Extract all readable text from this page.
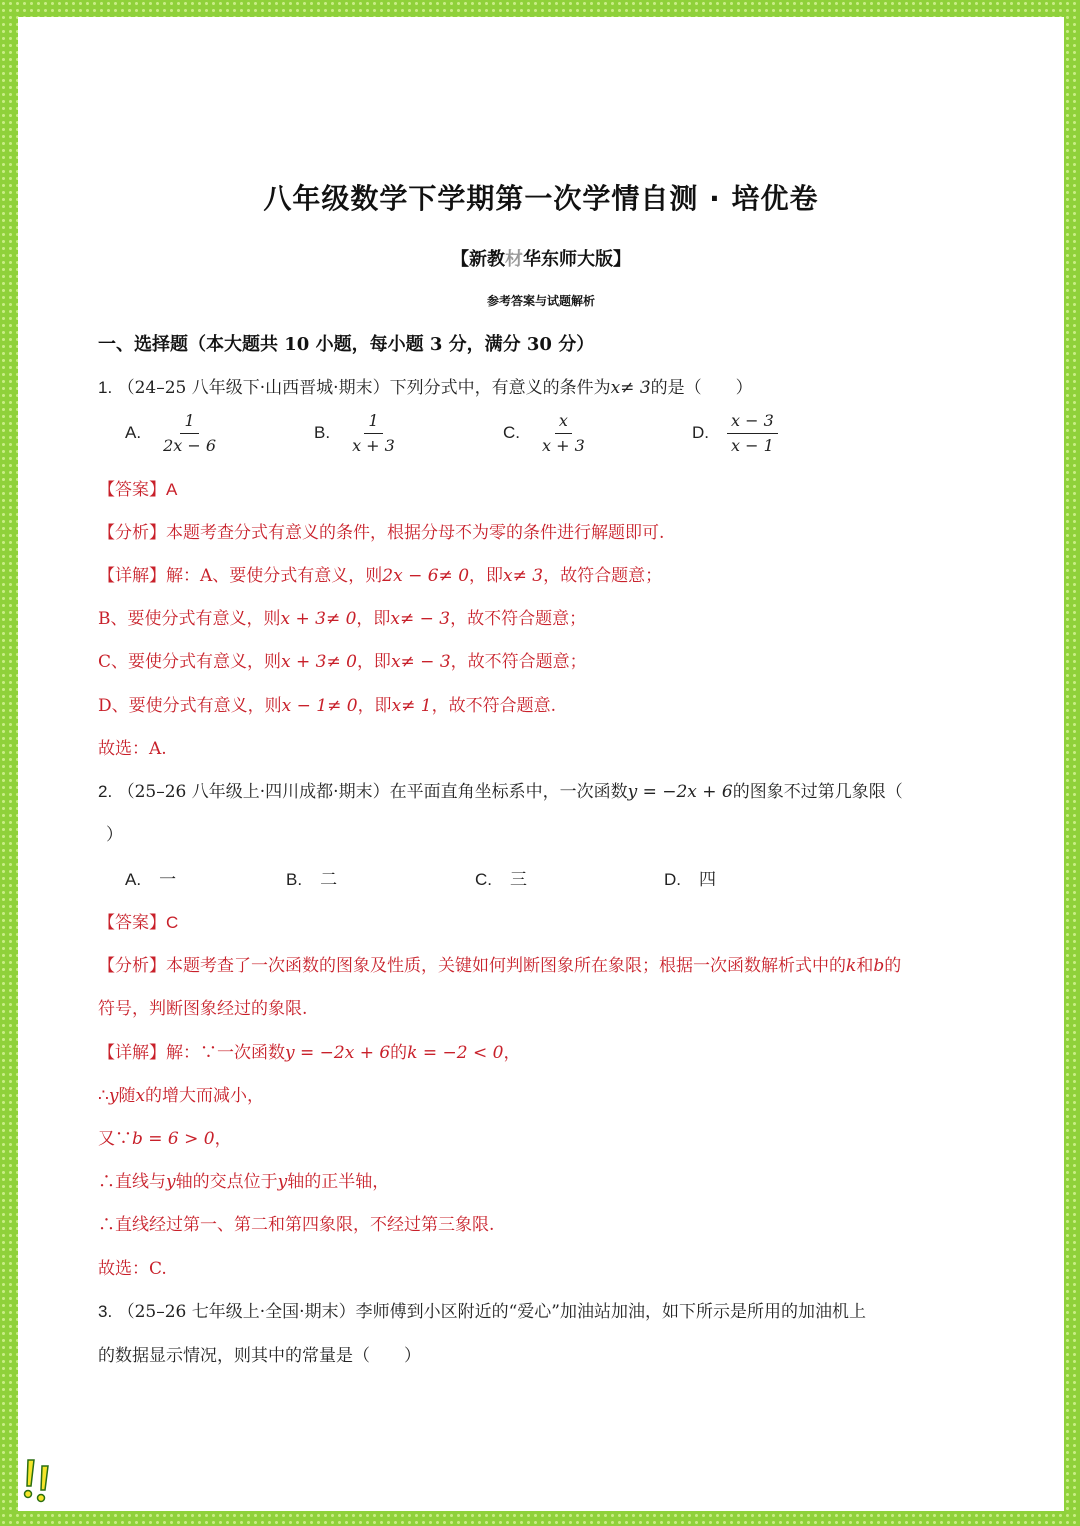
八年级数学下学期第一次学情自测 · 培优卷
【新教材华东师大版】
参考答案与试题解析
一、选择题（本大题共 10 小题，每小题 3 分，满分 30 分）
1. （24–25 八年级下·山西晋城·期末）下列分式中，有意义的条件为x≠ 3的是（　　）
A. $\frac{1}{2x - 6}$	B. $\frac{1}{x + 3}$	C. $\frac{x}{x + 3}$	D. $\frac{x - 3}{x - 1}$
【答案】A
【分析】本题考查分式有意义的条件，根据分母不为零的条件进行解题即可.
【详解】解：A、要使分式有意义，则2x − 6≠ 0，即x≠ 3，故符合题意；
B、要使分式有意义，则x + 3≠ 0，即x≠ − 3，故不符合题意；
C、要使分式有意义，则x + 3≠ 0，即x≠ − 3，故不符合题意；
D、要使分式有意义，则x − 1≠ 0，即x≠ 1，故不符合题意.
故选：A.
2. （25–26 八年级上·四川成都·期末）在平面直角坐标系中，一次函数y = −2x + 6的图象不过第几象限（
）
A. 一	B. 二	C. 三	D. 四
【答案】C
【分析】本题考查了一次函数的图象及性质，关键如何判断图象所在象限；根据一次函数解析式中的k和b的
符号，判断图象经过的象限.
【详解】解：∵一次函数y = −2x + 6的k = −2 < 0，
∴y随x的增大而减小，
又∵b = 6 > 0，
∴直线与y轴的交点位于y轴的正半轴，
∴直线经过第一、第二和第四象限，不经过第三象限.
故选：C.
3. （25–26 七年级上·全国·期末）李师傅到小区附近的“爱心”加油站加油，如下所示是所用的加油机上
的数据显示情况，则其中的常量是（　　）
